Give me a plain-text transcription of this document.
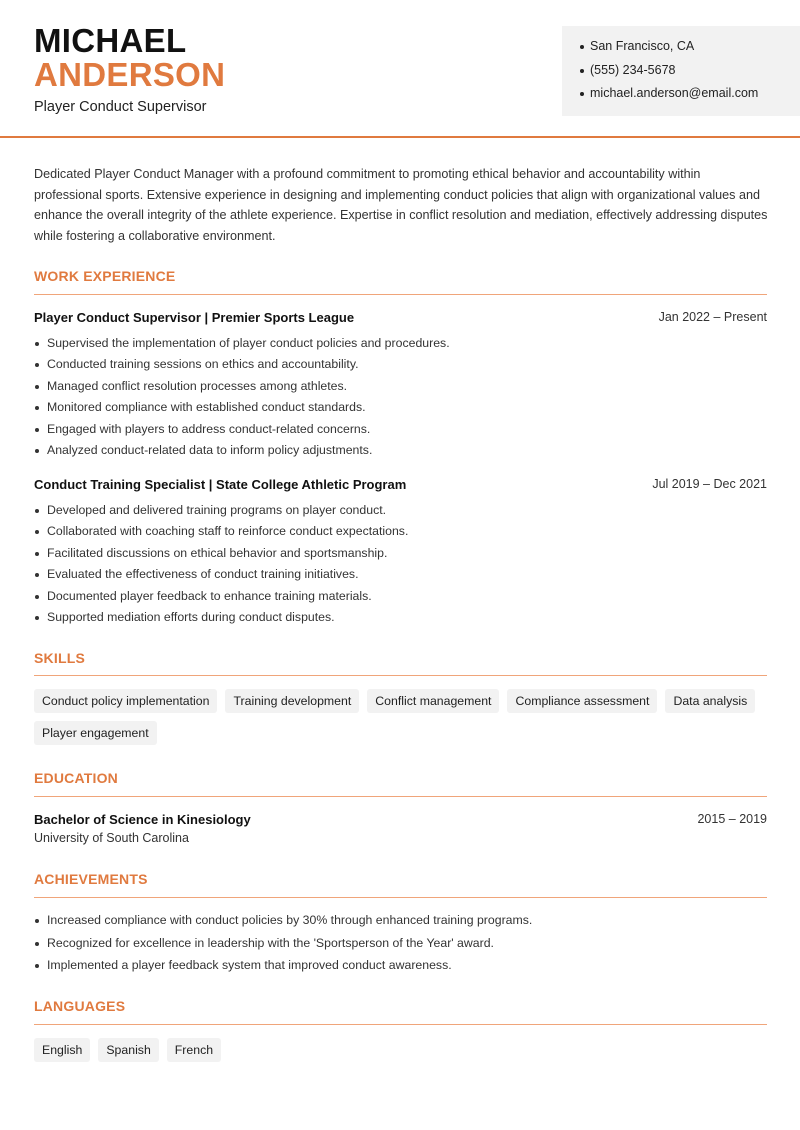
MICHAEL
ANDERSON
Player Conduct Supervisor
San Francisco, CA
(555) 234-5678
michael.anderson@email.com

Dedicated Player Conduct Manager with a profound commitment to promoting ethical behavior and accountability within professional sports. Extensive experience in designing and implementing conduct policies that align with organizational values and enhance the overall integrity of the athlete experience. Expertise in conflict resolution and mediation, effectively addressing disputes while fostering a collaborative environment.

WORK EXPERIENCE
Player Conduct Supervisor | Premier Sports League	Jan 2022 – Present
Supervised the implementation of player conduct policies and procedures.
Conducted training sessions on ethics and accountability.
Managed conflict resolution processes among athletes.
Monitored compliance with established conduct standards.
Engaged with players to address conduct-related concerns.
Analyzed conduct-related data to inform policy adjustments.
Conduct Training Specialist | State College Athletic Program	Jul 2019 – Dec 2021
Developed and delivered training programs on player conduct.
Collaborated with coaching staff to reinforce conduct expectations.
Facilitated discussions on ethical behavior and sportsmanship.
Evaluated the effectiveness of conduct training initiatives.
Documented player feedback to enhance training materials.
Supported mediation efforts during conduct disputes.
SKILLS
Conduct policy implementation	Training development	Conflict management	Compliance assessment	Data analysis
Player engagement
EDUCATION
Bachelor of Science in Kinesiology	2015 – 2019
University of South Carolina
ACHIEVEMENTS
Increased compliance with conduct policies by 30% through enhanced training programs.
Recognized for excellence in leadership with the 'Sportsperson of the Year' award.
Implemented a player feedback system that improved conduct awareness.
LANGUAGES
English	Spanish	French
